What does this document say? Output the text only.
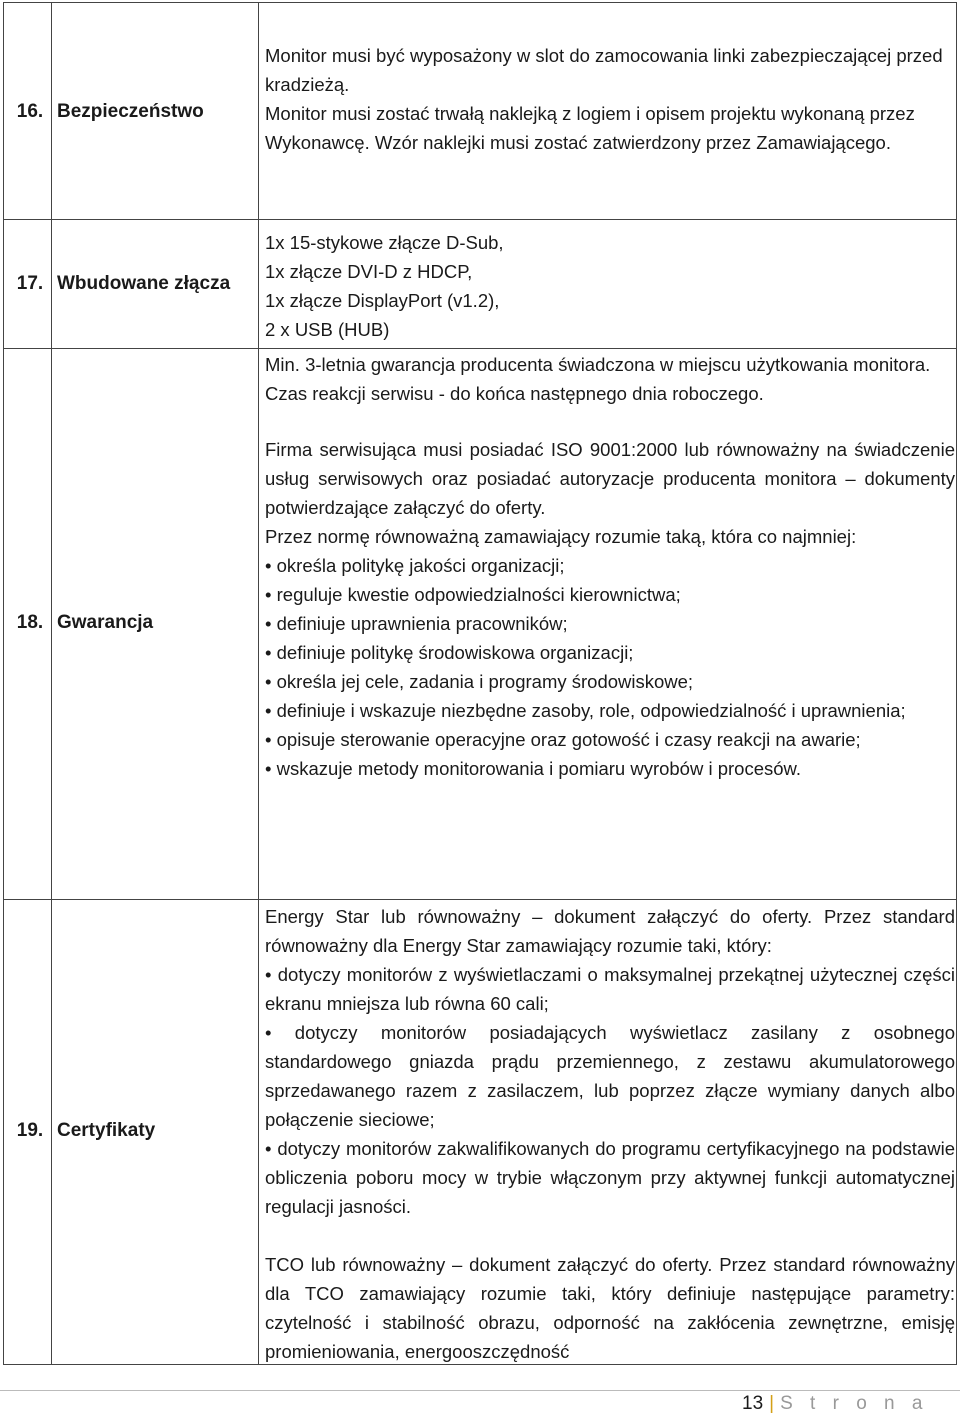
16. Bezpieczeństwo

Monitor musi być wyposażony w slot do zamocowania linki zabezpieczającej przed kradzieżą.

Monitor musi zostać trwałą naklejką z logiem i opisem projektu wykonaną przez Wykonawcę. Wzór naklejki musi zostać zatwierdzony przez Zamawiającego.

17. Wbudowane złącza

1x 15-stykowe złącze D-Sub,

1x złącze DVI-D z HDCP,

1x złącze DisplayPort (v1.2),

2 x USB (HUB)

18. Gwarancja

Min. 3-letnia gwarancja producenta świadczona w miejscu użytkowania monitora.

Czas reakcji serwisu - do końca następnego dnia roboczego.

Firma serwisująca musi posiadać ISO 9001:2000 lub równoważny na świadczenie usług serwisowych oraz posiadać autoryzacje producenta monitora – dokumenty potwierdzające załączyć do oferty.

Przez normę równoważną zamawiający rozumie taką, która co najmniej:

• określa politykę jakości organizacji;

• reguluje kwestie odpowiedzialności kierownictwa;

• definiuje uprawnienia pracowników;

• definiuje politykę środowiskowa organizacji;

• określa jej cele, zadania i programy środowiskowe;

• definiuje i wskazuje niezbędne zasoby, role, odpowiedzialność i uprawnienia;

• opisuje sterowanie operacyjne oraz gotowość i czasy reakcji na awarie;

• wskazuje metody monitorowania i pomiaru wyrobów i procesów.

19. Certyfikaty

Energy Star lub równoważny – dokument załączyć do oferty. Przez standard równoważny dla Energy Star zamawiający rozumie taki, który:

• dotyczy monitorów z wyświetlaczami o maksymalnej przekątnej użytecznej części ekranu mniejsza lub równa 60 cali;

• dotyczy monitorów posiadających wyświetlacz zasilany z osobnego standardowego gniazda prądu przemiennego, z zestawu akumulatorowego sprzedawanego razem z zasilaczem, lub poprzez złącze wymiany danych albo połączenie sieciowe;

• dotyczy monitorów zakwalifikowanych do programu certyfikacyjnego na podstawie obliczenia poboru mocy w trybie włączonym przy aktywnej funkcji automatycznej regulacji jasności.

TCO lub równoważny – dokument załączyć do oferty. Przez standard równoważny dla TCO zamawiający rozumie taki, który definiuje następujące parametry: czytelność i stabilność obrazu, odporność na zakłócenia zewnętrzne, emisję promieniowania, energooszczędność

13 | S t r o n a
